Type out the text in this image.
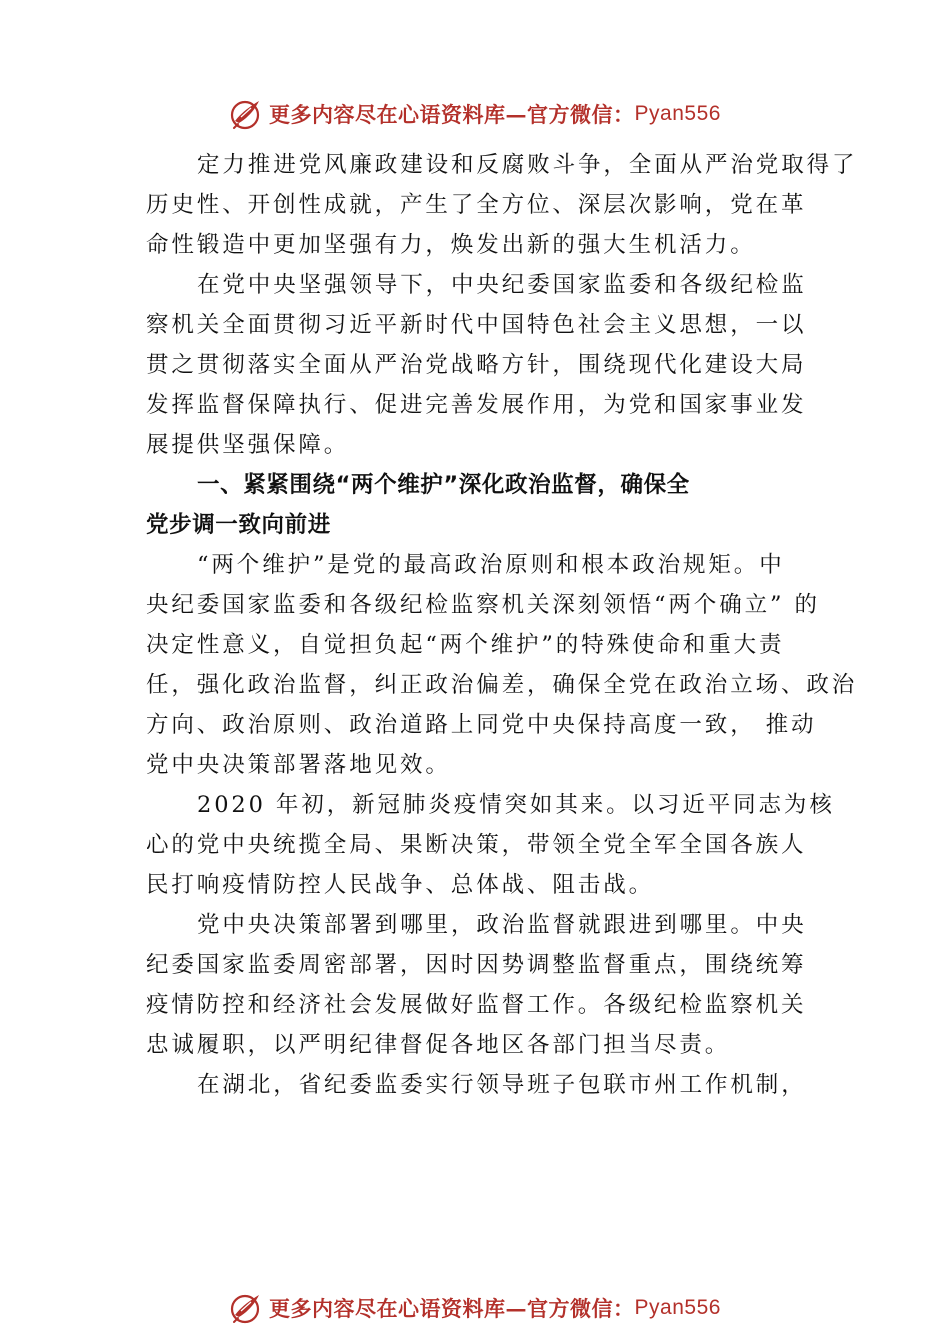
更多内容尽在心语资料库—官方微信： Pyan556
定力推进党风廉政建设和反腐败斗争，全面从严治党取得了
历史性、开创性成就，产生了全方位、深层次影响，党在革
命性锻造中更加坚强有力，焕发出新的强大生机活力。
在党中央坚强领导下，中央纪委国家监委和各级纪检监
察机关全面贯彻习近平新时代中国特色社会主义思想，一以
贯之贯彻落实全面从严治党战略方针，围绕现代化建设大局
发挥监督保障执行、促进完善发展作用，为党和国家事业发
展提供坚强保障。
一、紧紧围绕“两个维护”深化政治监督，确保全
党步调一致向前进
“两个维护”是党的最高政治原则和根本政治规矩。中
央纪委国家监委和各级纪检监察机关深刻领悟“两个确立” 的
决定性意义，自觉担负起“两个维护”的特殊使命和重大责
任，强化政治监督，纠正政治偏差，确保全党在政治立场、政治
方向、政治原则、政治道路上同党中央保持高度一致， 推动
党中央决策部署落地见效。
2020 年初，新冠肺炎疫情突如其来。以习近平同志为核
心的党中央统揽全局、果断决策，带领全党全军全国各族人
民打响疫情防控人民战争、总体战、阻击战。
党中央决策部署到哪里，政治监督就跟进到哪里。中央
纪委国家监委周密部署，因时因势调整监督重点，围绕统筹
疫情防控和经济社会发展做好监督工作。各级纪检监察机关
忠诚履职，以严明纪律督促各地区各部门担当尽责。
在湖北，省纪委监委实行领导班子包联市州工作机制，
更多内容尽在心语资料库—官方微信： Pyan556
